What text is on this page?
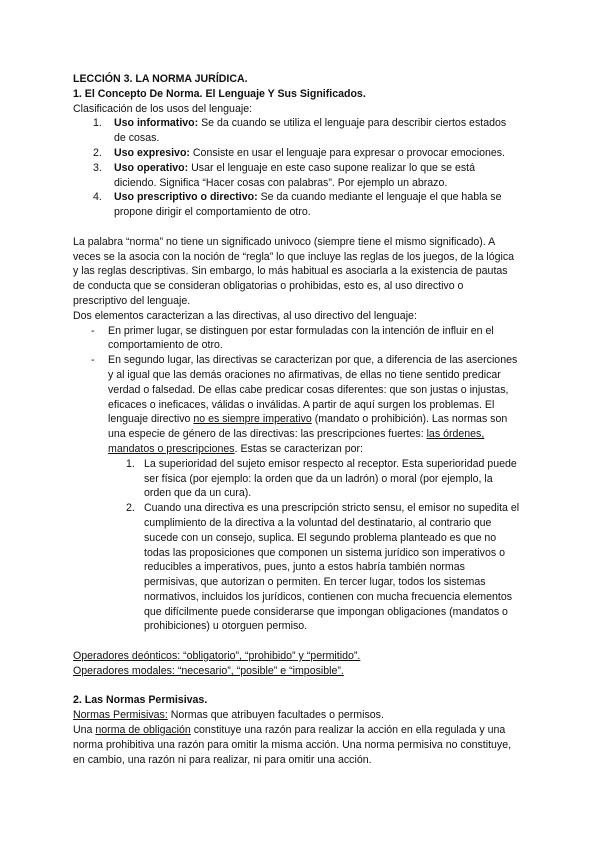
LECCIÓN 3. LA NORMA JURÍDICA.

1. El Concepto De Norma. El Lenguaje Y Sus Significados.

Clasificación de los usos del lenguaje:

1. Uso informativo: Se da cuando se utiliza el lenguaje para describir ciertos estados de cosas.
2. Uso expresivo: Consiste en usar el lenguaje para expresar o provocar emociones.
3. Uso operativo: Usar el lenguaje en este caso supone realizar lo que se está diciendo. Significa “Hacer cosas con palabras”. Por ejemplo un abrazo.
4. Uso prescriptivo o directivo: Se da cuando mediante el lenguaje el que habla se propone dirigir el comportamiento de otro.

La palabra “norma” no tiene un significado univoco (siempre tiene el mismo significado). A veces se la asocia con la noción de “regla” lo que incluye las reglas de los juegos, de la lógica y las reglas descriptivas. Sin embargo, lo más habitual es asociarla a la existencia de pautas de conducta que se consideran obligatorias o prohibidas, esto es, al uso directivo o prescriptivo del lenguaje.

Dos elementos caracterizan a las directivas, al uso directivo del lenguaje:

- En primer lugar, se distinguen por estar formuladas con la intención de influir en el comportamiento de otro.
- En segundo lugar, las directivas se caracterizan por que, a diferencia de las aserciones y al igual que las demás oraciones no afirmativas, de ellas no tiene sentido predicar verdad o falsedad. De ellas cabe predicar cosas diferentes: que son justas o injustas, eficaces o ineficaces, válidas o inválidas. A partir de aquí surgen los problemas. El lenguaje directivo no es siempre imperativo (mandato o prohibición). Las normas son una especie de género de las directivas: las prescripciones fuertes: las órdenes, mandatos o prescripciones. Estas se caracterizan por:
1. La superioridad del sujeto emisor respecto al receptor. Esta superioridad puede ser física (por ejemplo: la orden que da un ladrón) o moral (por ejemplo, la orden que da un cura).
2. Cuando una directiva es una prescripción stricto sensu, el emisor no supedita el cumplimiento de la directiva a la voluntad del destinatario, al contrario que sucede con un consejo, suplica. El segundo problema planteado es que no todas las proposiciones que componen un sistema jurídico son imperativos o reducibles a imperativos, pues, junto a estos habría también normas permisivas, que autorizan o permiten. En tercer lugar, todos los sistemas normativos, incluidos los jurídicos, contienen con mucha frecuencia elementos que difícilmente puede considerarse que impongan obligaciones (mandatos o prohibiciones) u otorguen permiso.

Operadores deónticos: “obligatorio”, “prohibido” y “permitido”.

Operadores modales: “necesario”, “posible” e “imposible”.

2. Las Normas Permisivas.

Normas Permisivas: Normas que atribuyen facultades o permisos.

Una norma de obligación constituye una razón para realizar la acción en ella regulada y una norma prohibitiva una razón para omitir la misma acción. Una norma permisiva no constituye, en cambio, una razón ni para realizar, ni para omitir una acción.
